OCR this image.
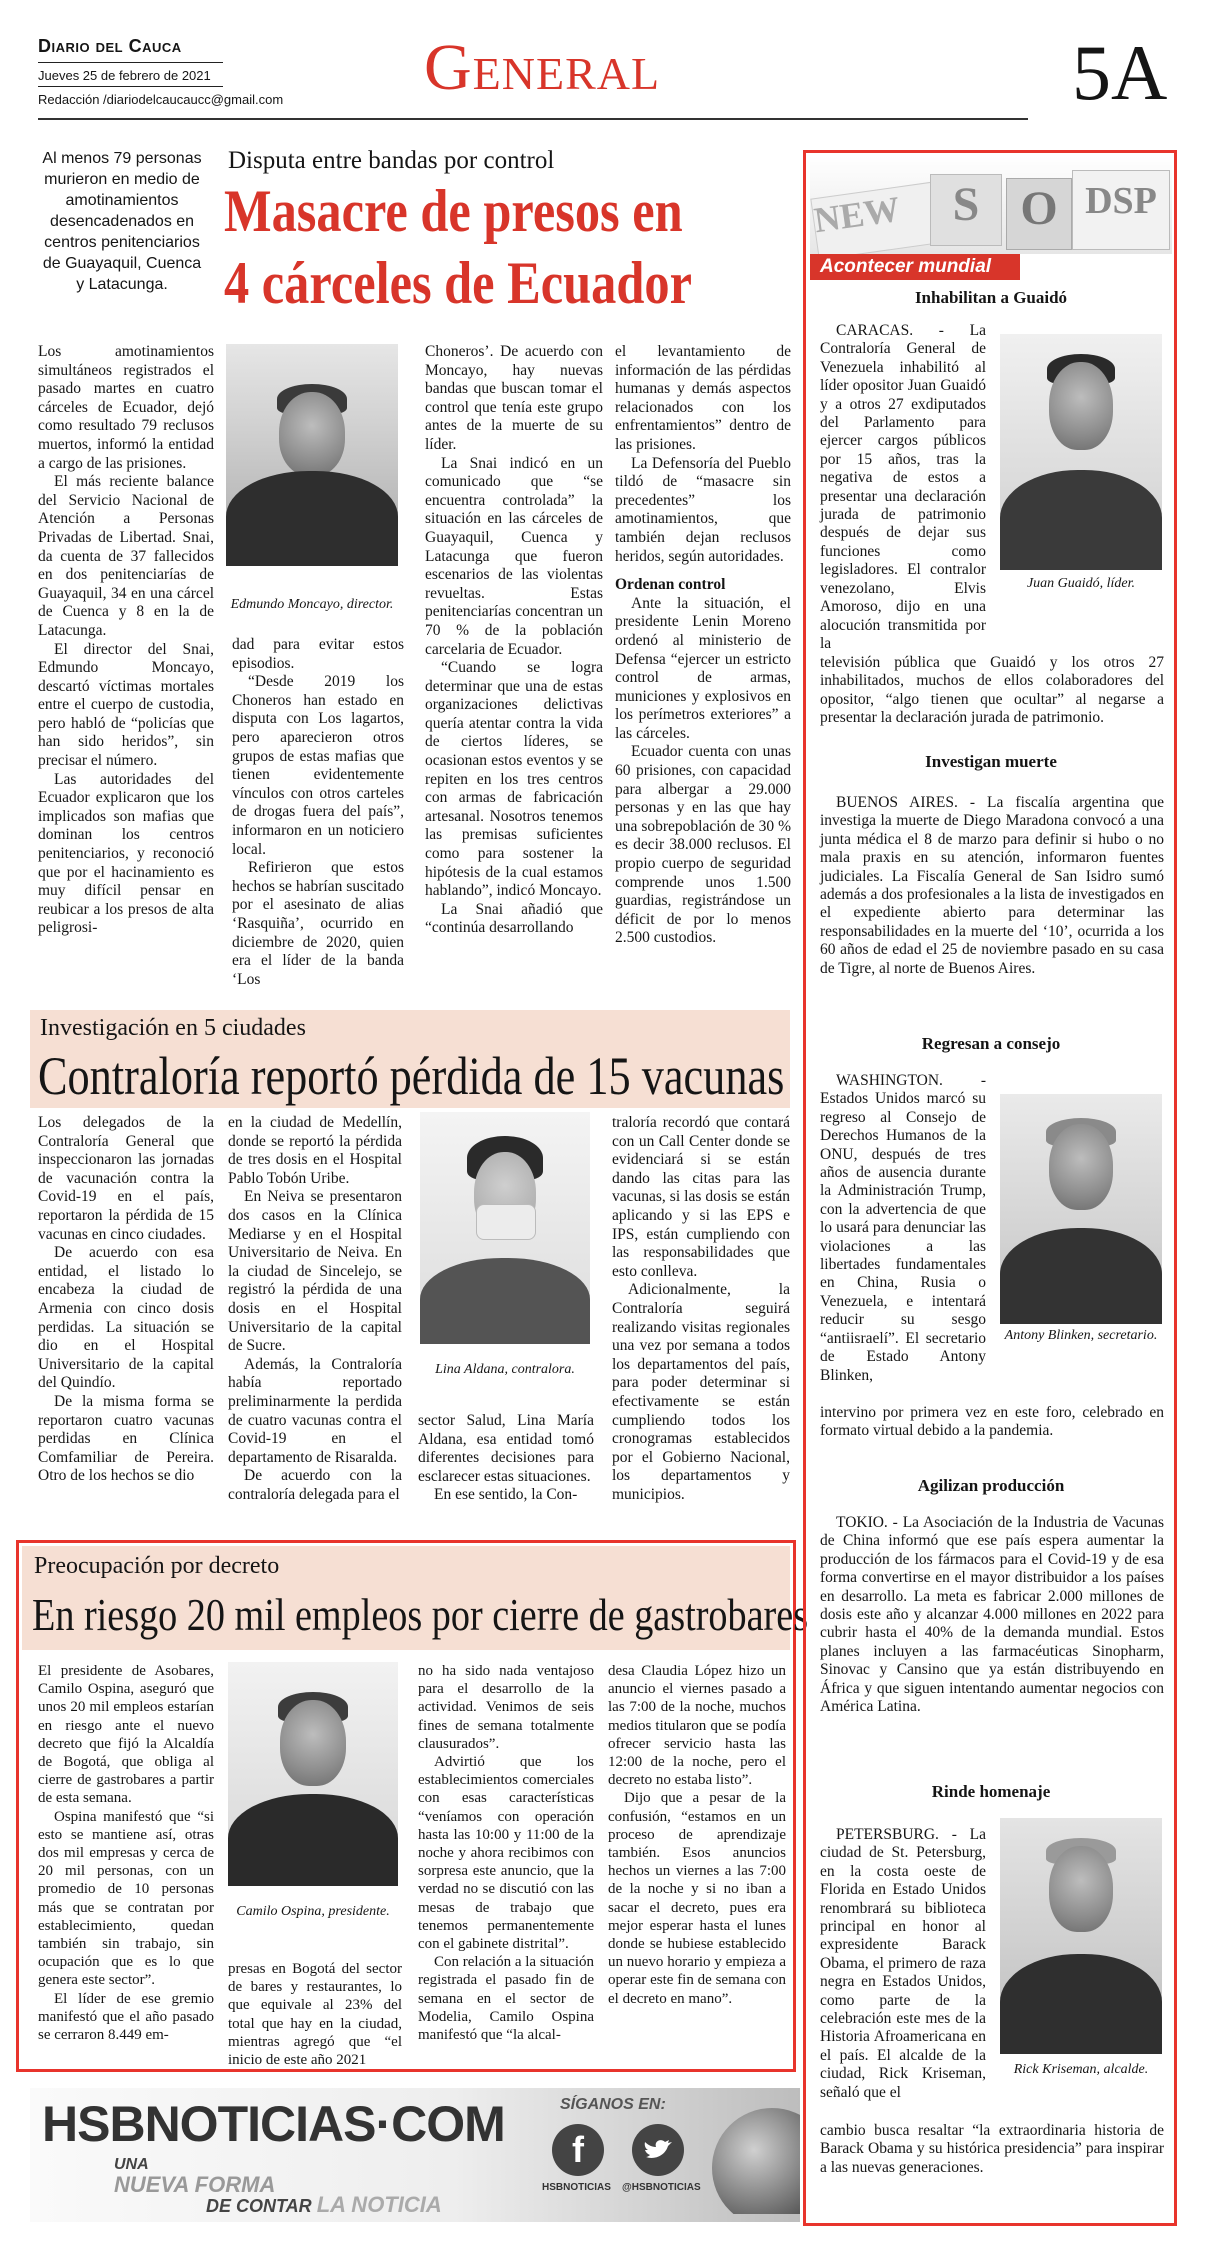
Diario del Cauca
Jueves 25 de febrero de 2021
Redacción /diariodelcaucaucc@gmail.com General	5A
Al menos 79 personas murieron en medio de amotinamientos desencadenados en centros penitenciarios de Guayaquil, Cuenca y Latacunga.
Disputa entre bandas por control
Masacre de presos en
4 cárceles de Ecuador

Los amotinamientos simultáneos registrados el pasado martes en cuatro cárceles de Ecuador, dejó como resultado 79 reclusos muertos, informó la entidad a cargo de las prisiones.

El más reciente balance del Servicio Nacional de Atención a Personas Privadas de Libertad. Snai, da cuenta de 37 fallecidos en dos penitenciarías de Guayaquil, 34 en una cárcel de Cuenca y 8 en la de Latacunga.

El director del Snai, Edmundo Moncayo, descartó víctimas mortales entre el cuerpo de custodia, pero habló de “policías que han sido heridos”, sin precisar el número.

Las autoridades del Ecuador explicaron que los implicados son mafias que dominan los centros penitenciarios, y reconoció que por el hacinamiento es muy difícil pensar en reubicar a los presos de alta peligrosi-

Edmundo Moncayo, director.

dad para evitar estos episodios.

“Desde 2019 los Choneros han estado en disputa con Los lagartos, pero aparecieron otros grupos de estas mafias que tienen evidentemente vínculos con otros carteles de drogas fuera del país”, informaron en un noticiero local.

Refirieron que estos hechos se habrían suscitado por el asesinato de alias ‘Rasquiña’, ocurrido en diciembre de 2020, quien era el líder de la banda ‘Los

Choneros’. De acuerdo con Moncayo, hay nuevas bandas que buscan tomar el control que tenía este grupo antes de la muerte de su líder.

La Snai indicó en un comunicado que “se encuentra controlada” la situación en las cárceles de Guayaquil, Cuenca y Latacunga que fueron escenarios de las violentas revueltas. Estas penitenciarías concentran un 70 % de la población carcelaria de Ecuador.

“Cuando se logra determinar que una de estas organizaciones delictivas quería atentar contra la vida de ciertos líderes, se ocasionan estos eventos y se repiten en los tres centros con armas de fabricación artesanal. Nosotros tenemos las premisas suficientes como para sostener la hipótesis de la cual estamos hablando”, indicó Moncayo.

La Snai añadió que “continúa desarrollando

el levantamiento de información de las pérdidas humanas y demás aspectos relacionados con los enfrentamientos” dentro de las prisiones.

La Defensoría del Pueblo tildó de “masacre sin precedentes” los amotinamientos, que también dejan reclusos heridos, según autoridades.

Ordenan control

Ante la situación, el presidente Lenin Moreno ordenó al ministerio de Defensa “ejercer un estricto control de armas, municiones y explosivos en los perímetros exteriores” a las cárceles.

Ecuador cuenta con unas 60 prisiones, con capacidad para albergar a 29.000 personas y en las que hay una sobrepoblación de 30 % es decir 38.000 reclusos. El propio cuerpo de seguridad comprende unos 1.500 guardias, registrándose un déficit de por lo menos 2.500 custodios.

Investigación en 5 ciudades
Contraloría reportó pérdida de 15 vacunas

Los delegados de la Contraloría General que inspeccionaron las jornadas de vacunación contra la Covid-19 en el país, reportaron la pérdida de 15 vacunas en cinco ciudades.

De acuerdo con esa entidad, el listado lo encabeza la ciudad de Armenia con cinco dosis perdidas. La situación se dio en el Hospital Universitario de la capital del Quindío.

De la misma forma se reportaron cuatro vacunas perdidas en Clínica Comfamiliar de Pereira. Otro de los hechos se dio

en la ciudad de Medellín, donde se reportó la pérdida de tres dosis en el Hospital Pablo Tobón Uribe.

En Neiva se presentaron dos casos en la Clínica Mediarse y en el Hospital Universitario de Neiva. En la ciudad de Sincelejo, se registró la pérdida de una dosis en el Hospital Universitario de la capital de Sucre.

Además, la Contraloría había reportado preliminarmente la perdida de cuatro vacunas contra el Covid-19 en el departamento de Risaralda.

De acuerdo con la contraloría delegada para el

Lina Aldana, contralora.

sector Salud, Lina María Aldana, esa entidad tomó diferentes decisiones para esclarecer estas situaciones.

En ese sentido, la Con-

traloría recordó que contará con un Call Center donde se evidenciará si se están dando las citas para las vacunas, si las dosis se están aplicando y si las EPS e IPS, están cumpliendo con las responsabilidades que esto conlleva.

Adicionalmente, la Contraloría seguirá realizando visitas regionales una vez por semana a todos los departamentos del país, para poder determinar si efectivamente se están cumpliendo todos los cronogramas establecidos por el Gobierno Nacional, los departamentos y municipios.

Preocupación por decreto
En riesgo 20 mil empleos por cierre de gastrobares

El presidente de Asobares, Camilo Ospina, aseguró que unos 20 mil empleos estarían en riesgo ante el nuevo decreto que fijó la Alcaldía de Bogotá, que obliga al cierre de gastrobares a partir de esta semana.

Ospina manifestó que “si esto se mantiene así, otras dos mil empresas y cerca de 20 mil personas, con un promedio de 10 personas más que se contratan por establecimiento, quedan también sin trabajo, sin ocupación que es lo que genera este sector”.

El líder de ese gremio manifestó que el año pasado se cerraron 8.449 em-

Camilo Ospina, presidente.

presas en Bogotá del sector de bares y restaurantes, lo que equivale al 23% del total que hay en la ciudad, mientras agregó que “el inicio de este año 2021

no ha sido nada ventajoso para el desarrollo de la actividad. Venimos de seis fines de semana totalmente clausurados”.

Advirtió que los establecimientos comerciales con esas características “veníamos con operación hasta las 10:00 y 11:00 de la noche y ahora recibimos con sorpresa este anuncio, que la verdad no se discutió con las mesas de trabajo que tenemos permanentemente con el gabinete distrital”.

Con relación a la situación registrada el pasado fin de semana en el sector de Modelia, Camilo Ospina manifestó que “la alcal-

desa Claudia López hizo un anuncio el viernes pasado a las 7:00 de la noche, muchos medios titularon que se podía ofrecer servicio hasta las 12:00 de la noche, pero el decreto no estaba listo”.

Dijo que a pesar de la confusión, “estamos en un proceso de aprendizaje también. Esos anuncios hechos un viernes a las 7:00 de la noche y si no iban a sacar el decreto, pues era mejor esperar hasta el lunes donde se hubiese establecido un nuevo horario y empieza a operar este fin de semana con el decreto en mano”.

HSBNOTICIAS·COM
UNA
NUEVA FORMA
DE CONTAR LA NOTICIA
SÍGANOS EN:
f
HSBNOTICIAS @HSBNOTICIAS
NEW	S O DSP
Acontecer mundial
Inhabilitan a Guaidó
Juan Guaidó, líder.

CARACAS. - La Contraloría General de Venezuela inhabilitó al líder opositor Juan Guaidó y a otros 27 exdiputados del Parlamento para ejercer cargos públicos por 15 años, tras la negativa de estos a presentar una declaración jurada de patrimonio después de dejar sus funciones como legisladores. El contralor venezolano, Elvis Amoroso, dijo en una alocución transmitida por la

televisión pública que Guaidó y los otros 27 inhabilitados, muchos de ellos colaboradores del opositor, “algo tienen que ocultar” al negarse a presentar la declaración jurada de patrimonio.

Investigan muerte

BUENOS AIRES. - La fiscalía argentina que investiga la muerte de Diego Maradona convocó a una junta médica el 8 de marzo para definir si hubo o no mala praxis en su atención, informaron fuentes judiciales. La Fiscalía General de San Isidro sumó además a dos profesionales a la lista de investigados en el expediente abierto para determinar las responsabilidades en la muerte del ‘10’, ocurrida a los 60 años de edad el 25 de noviembre pasado en su casa de Tigre, al norte de Buenos Aires.

Regresan a consejo
Antony Blinken, secretario.

WASHINGTON. - Estados Unidos marcó su regreso al Consejo de Derechos Humanos de la ONU, después de tres años de ausencia durante la Administración Trump, con la advertencia de que lo usará para denunciar las violaciones a las libertades fundamentales en China, Rusia o Venezuela, e intentará reducir su sesgo “antiisraelí”. El secretario de Estado Antony Blinken,

intervino por primera vez en este foro, celebrado en formato virtual debido a la pandemia.

Agilizan producción

TOKIO. - La Asociación de la Industria de Vacunas de China informó que ese país espera aumentar la producción de los fármacos para el Covid-19 y de esa forma convertirse en el mayor distribuidor a los países en desarrollo. La meta es fabricar 2.000 millones de dosis este año y alcanzar 4.000 millones en 2022 para cubrir hasta el 40% de la demanda mundial. Estos planes incluyen a las farmacéuticas Sinopharm, Sinovac y Cansino que ya están distribuyendo en África y que siguen intentando aumentar negocios con América Latina.

Rinde homenaje
Rick Kriseman, alcalde.

PETERSBURG. - La ciudad de St. Petersburg, en la costa oeste de Florida en Estado Unidos renombrará su biblioteca principal en honor al expresidente Barack Obama, el primero de raza negra en Estados Unidos, como parte de la celebración este mes de la Historia Afroamericana en el país. El alcalde de la ciudad, Rick Kriseman, señaló que el

cambio busca resaltar “la extraordinaria historia de Barack Obama y su histórica presidencia” para inspirar a las nuevas generaciones.
